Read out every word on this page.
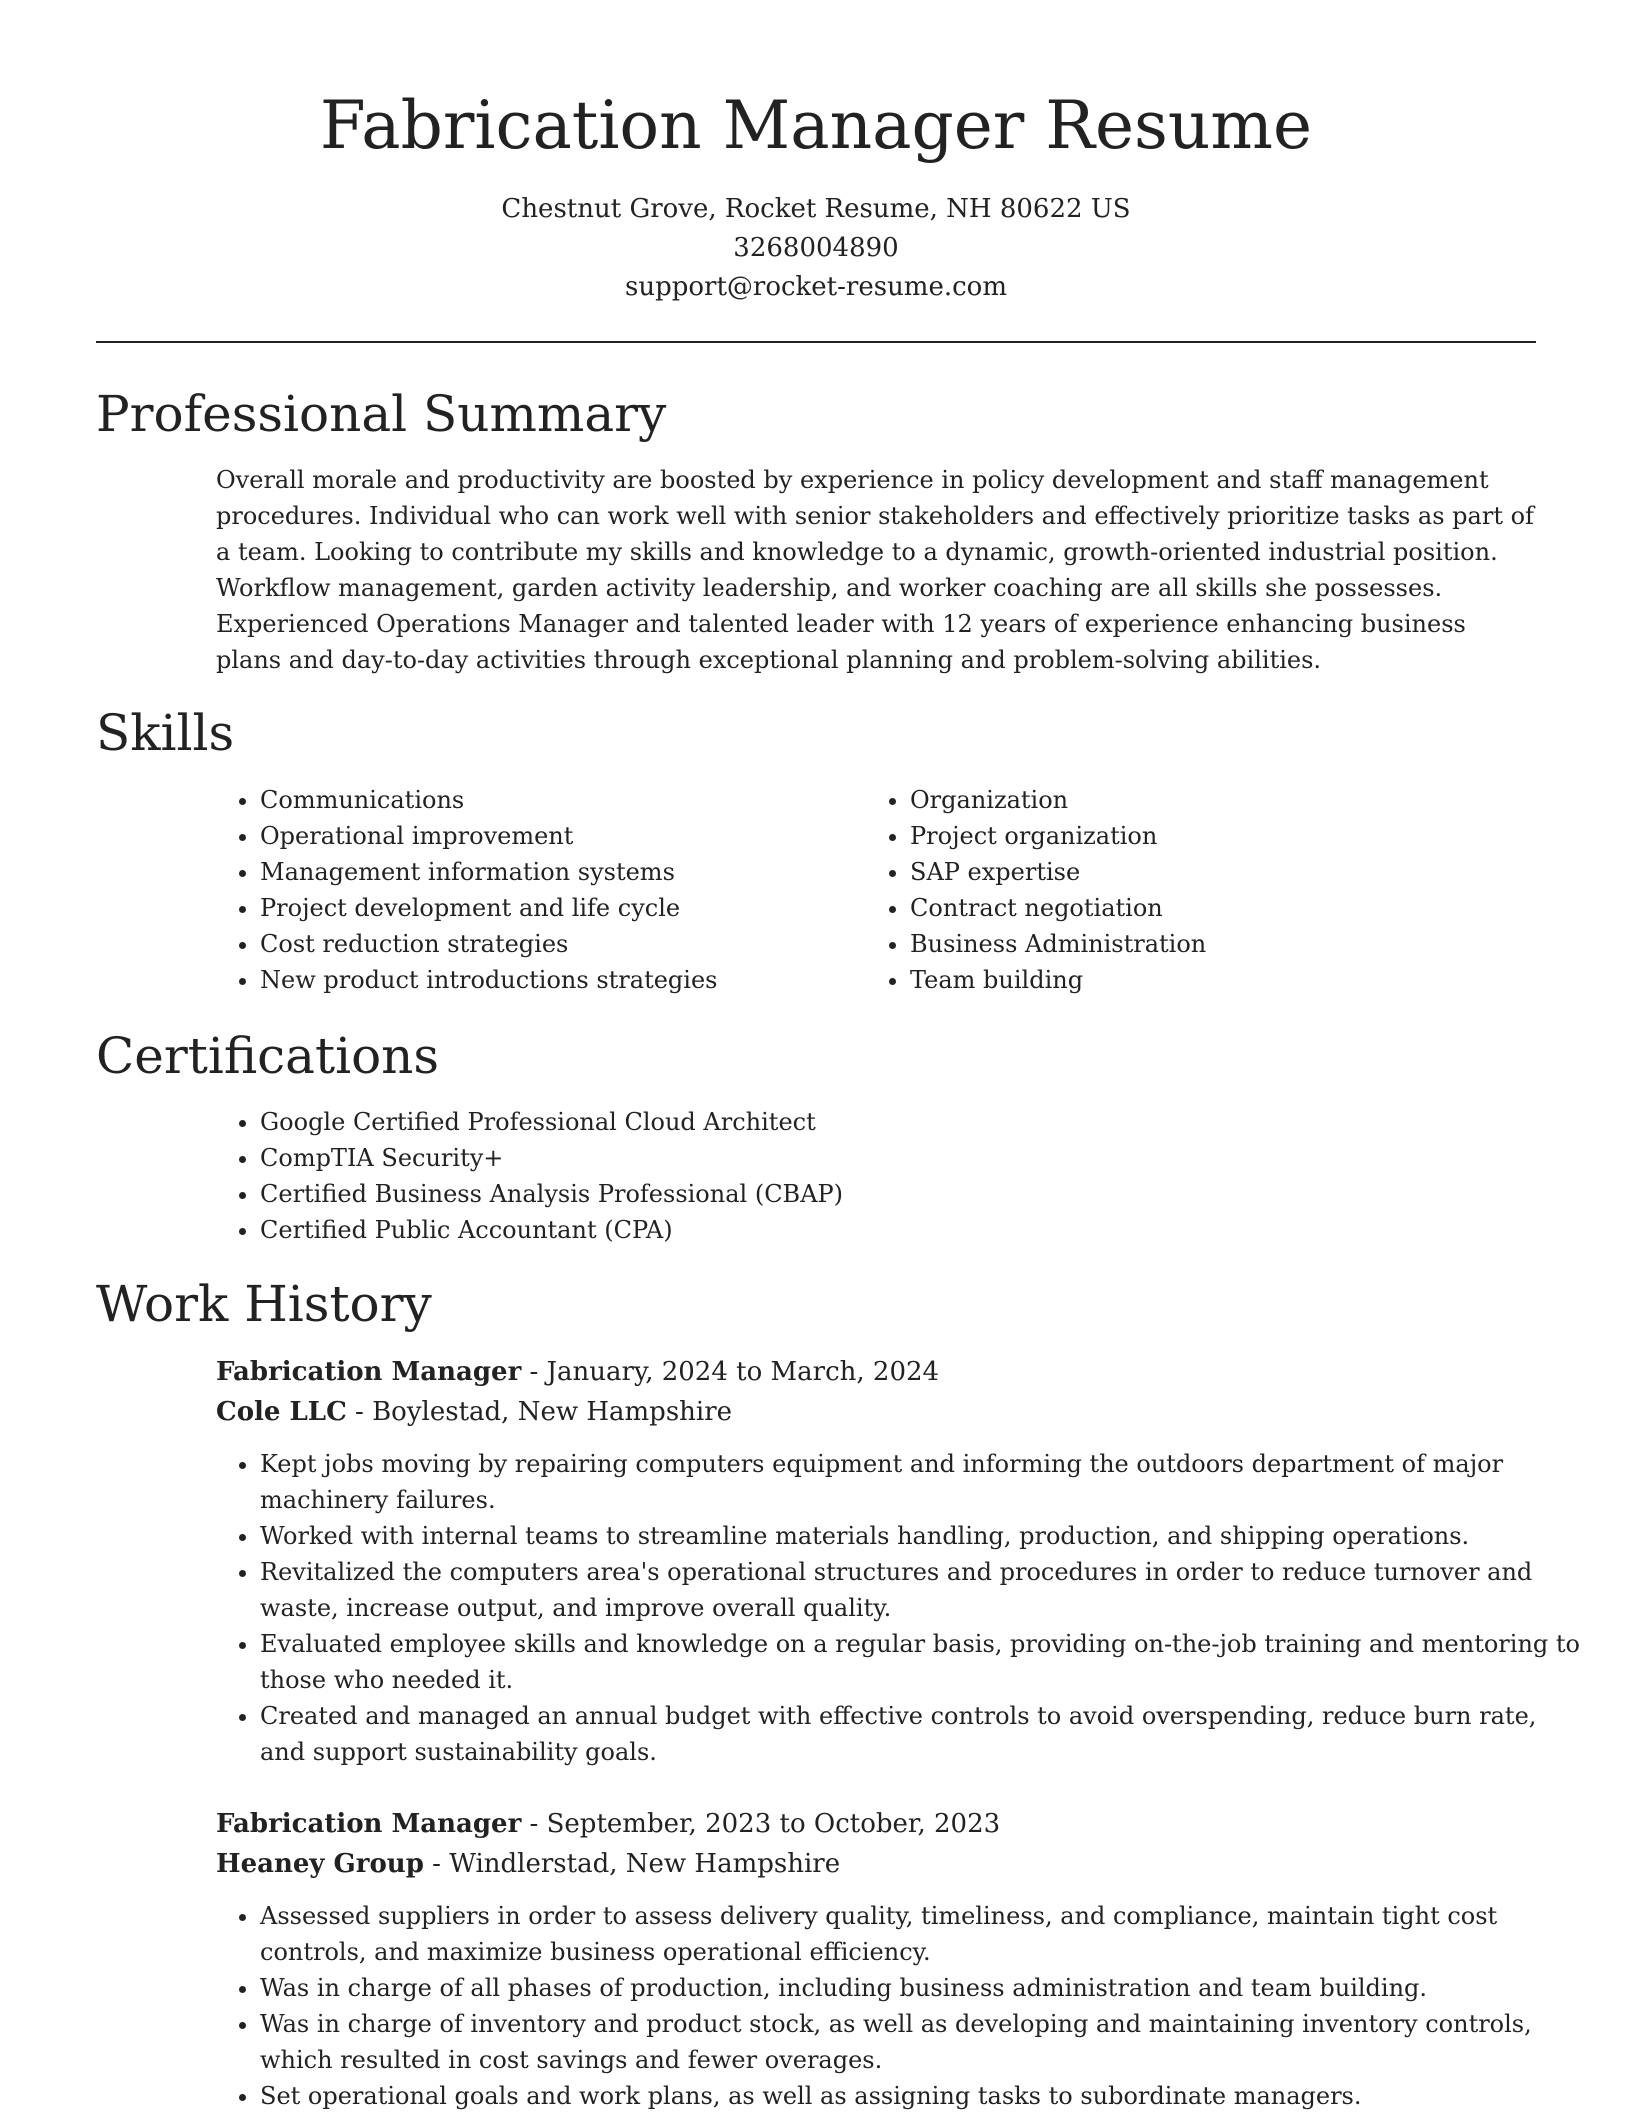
Fabrication Manager Resume
Chestnut Grove, Rocket Resume, NH 80622 US
3268004890
support@rocket-resume.com
Professional Summary

Overall morale and productivity are boosted by experience in policy development and staff management procedures. Individual who can work well with senior stakeholders and effectively prioritize tasks as part of a team. Looking to contribute my skills and knowledge to a dynamic, growth-oriented industrial position. Workflow management, garden activity leadership, and worker coaching are all skills she possesses. Experienced Operations Manager and talented leader with 12 years of experience enhancing business plans and day-to-day activities through exceptional planning and problem-solving abilities.

Skills
• Communications
• Operational improvement
• Management information systems
• Project development and life cycle
• Cost reduction strategies
• New product introductions strategies
• Organization
• Project organization
• SAP expertise
• Contract negotiation
• Business Administration
• Team building
Certifications
• Google Certified Professional Cloud Architect
• CompTIA Security+
• Certified Business Analysis Professional (CBAP)
• Certified Public Accountant (CPA)
Work History
Fabrication Manager - January, 2024 to March, 2024
Cole LLC - Boylestad, New Hampshire
• Kept jobs moving by repairing computers equipment and informing the outdoors department of major machinery failures.
• Worked with internal teams to streamline materials handling, production, and shipping operations.
• Revitalized the computers area's operational structures and procedures in order to reduce turnover and waste, increase output, and improve overall quality.
• Evaluated employee skills and knowledge on a regular basis, providing on-the-job training and mentoring to those who needed it.
• Created and managed an annual budget with effective controls to avoid overspending, reduce burn rate, and support sustainability goals.
Fabrication Manager - September, 2023 to October, 2023
Heaney Group - Windlerstad, New Hampshire
• Assessed suppliers in order to assess delivery quality, timeliness, and compliance, maintain tight cost controls, and maximize business operational efficiency.
• Was in charge of all phases of production, including business administration and team building.
• Was in charge of inventory and product stock, as well as developing and maintaining inventory controls, which resulted in cost savings and fewer overages.
• Set operational goals and work plans, as well as assigning tasks to subordinate managers.
